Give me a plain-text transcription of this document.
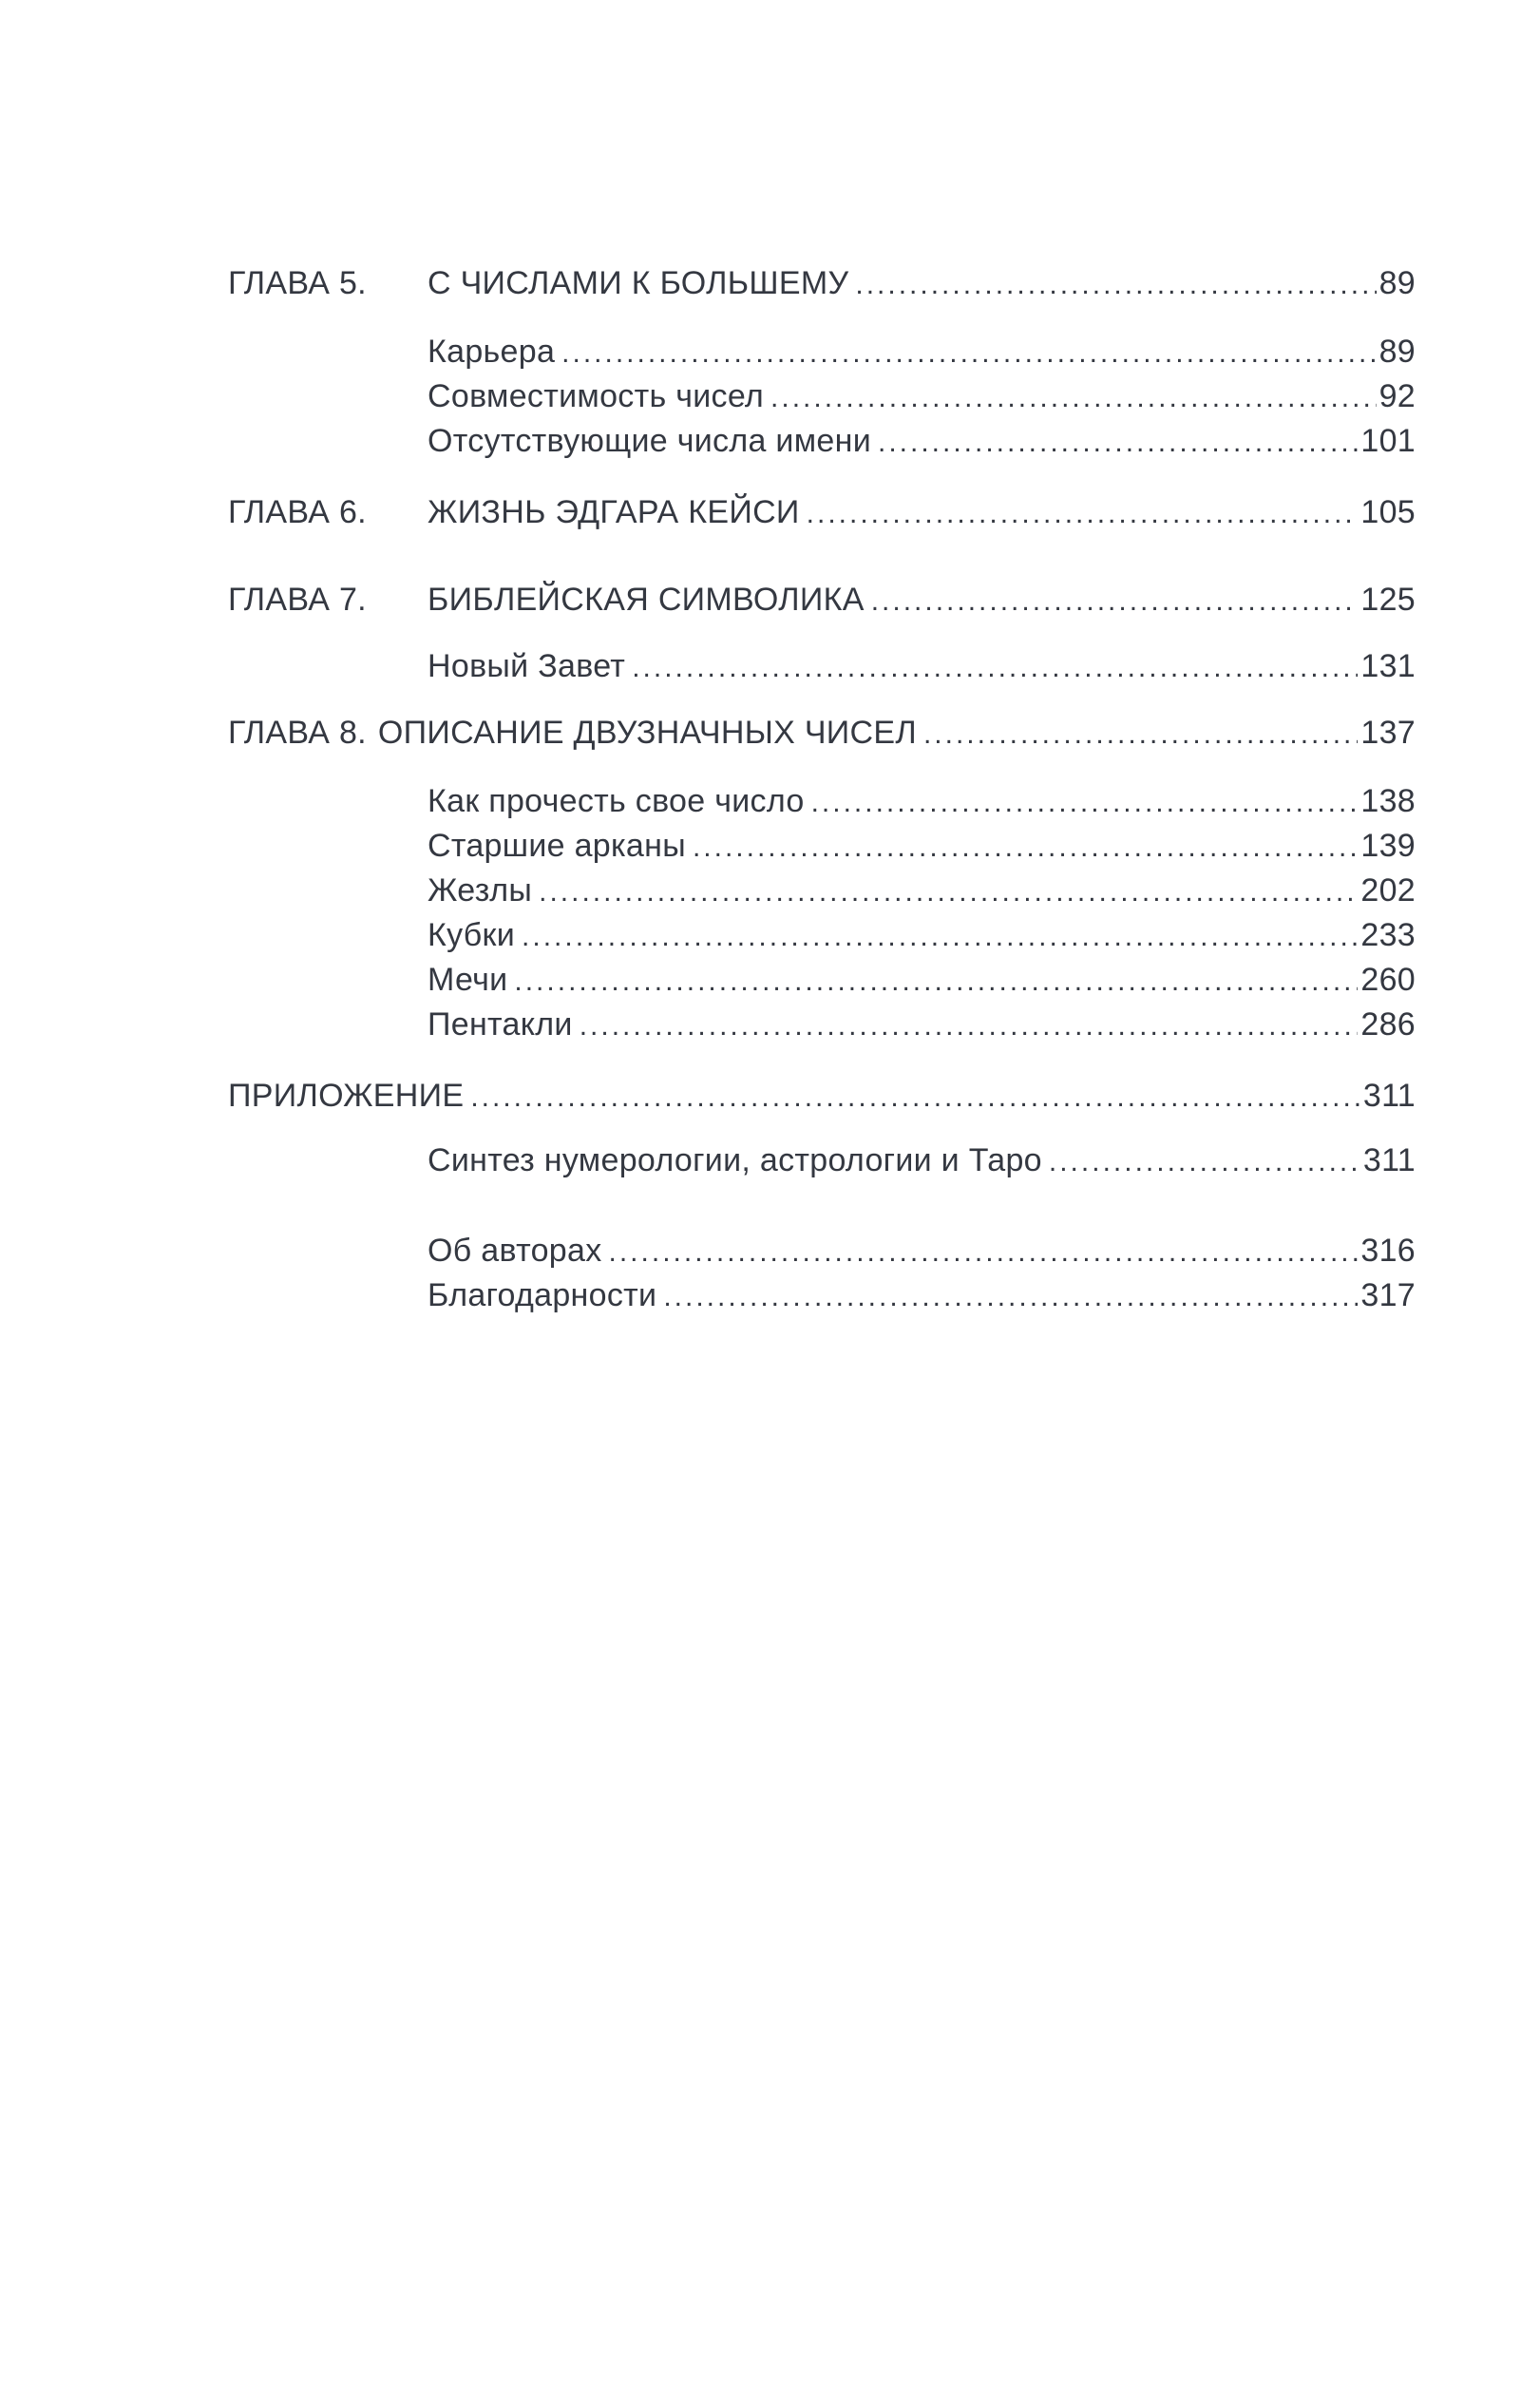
ГЛАВА 5.	С ЧИСЛАМИ К БОЛЬШЕМУ .....	89
Карьера .....	89
Совместимость чисел .....	92
Отсутствующие числа имени .....	101
ГЛАВА 6.	ЖИЗНЬ ЭДГАРА КЕЙСИ .....	105
ГЛАВА 7.	БИБЛЕЙСКАЯ СИМВОЛИКА .....	125
Новый Завет .....	131
ГЛАВА 8. ОПИСАНИЕ ДВУЗНАЧНЫХ ЧИСЕЛ .....	137
Как прочесть свое число .....	138
Старшие арканы .....	139
Жезлы .....	202
Кубки .....	233
Мечи .....	260
Пентакли .....	286
ПРИЛОЖЕНИЕ .....	311
Синтез нумерологии, астрологии и Таро .....	311
Об авторах .....	316
Благодарности .....	317
